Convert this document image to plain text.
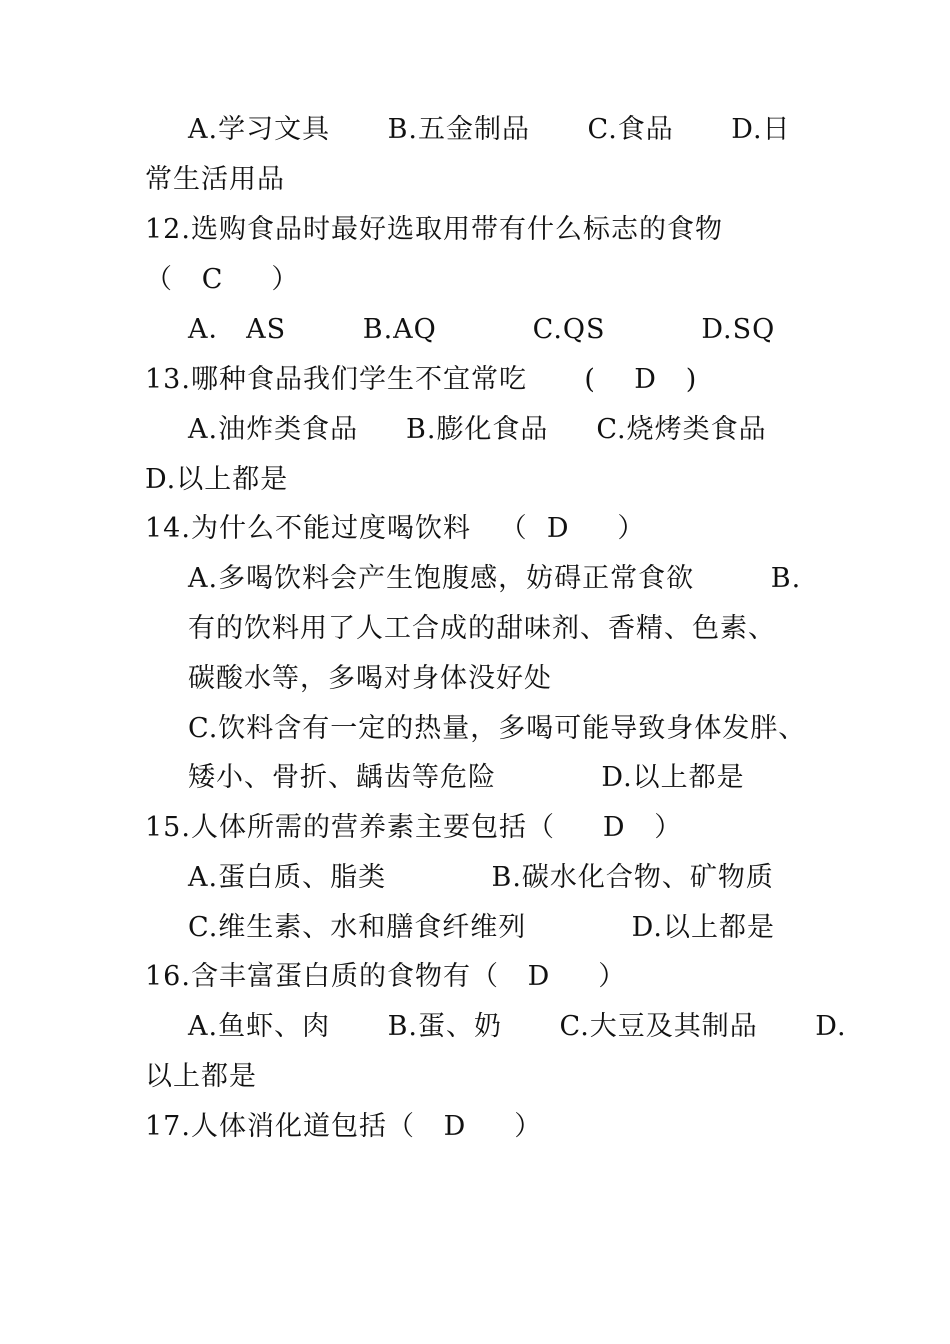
A.学习文具      B.五金制品      C.食品      D.日
常生活用品
12.选购食品时最好选取用带有什么标志的食物
（   C     ）
A． AS        B.AQ          C.QS          D.SQ
13.哪种食品我们学生不宜常吃      (    D   )
A.油炸类食品     B.膨化食品     C.烧烤类食品
D.以上都是
14.为什么不能过度喝饮料   （  D     ）
A.多喝饮料会产生饱腹感，妨碍正常食欲        B.
有的饮料用了人工合成的甜味剂、香精、色素、
碳酸水等，多喝对身体没好处
C.饮料含有一定的热量，多喝可能导致身体发胖、
矮小、骨折、龋齿等危险           D.以上都是
15.人体所需的营养素主要包括（     D   ）
A.蛋白质、脂类           B.碳水化合物、矿物质
C.维生素、水和膳食纤维列           D.以上都是
16.含丰富蛋白质的食物有（   D     ）
A.鱼虾、肉      B.蛋、奶      C.大豆及其制品      D.
以上都是
17.人体消化道包括（   D     ）
